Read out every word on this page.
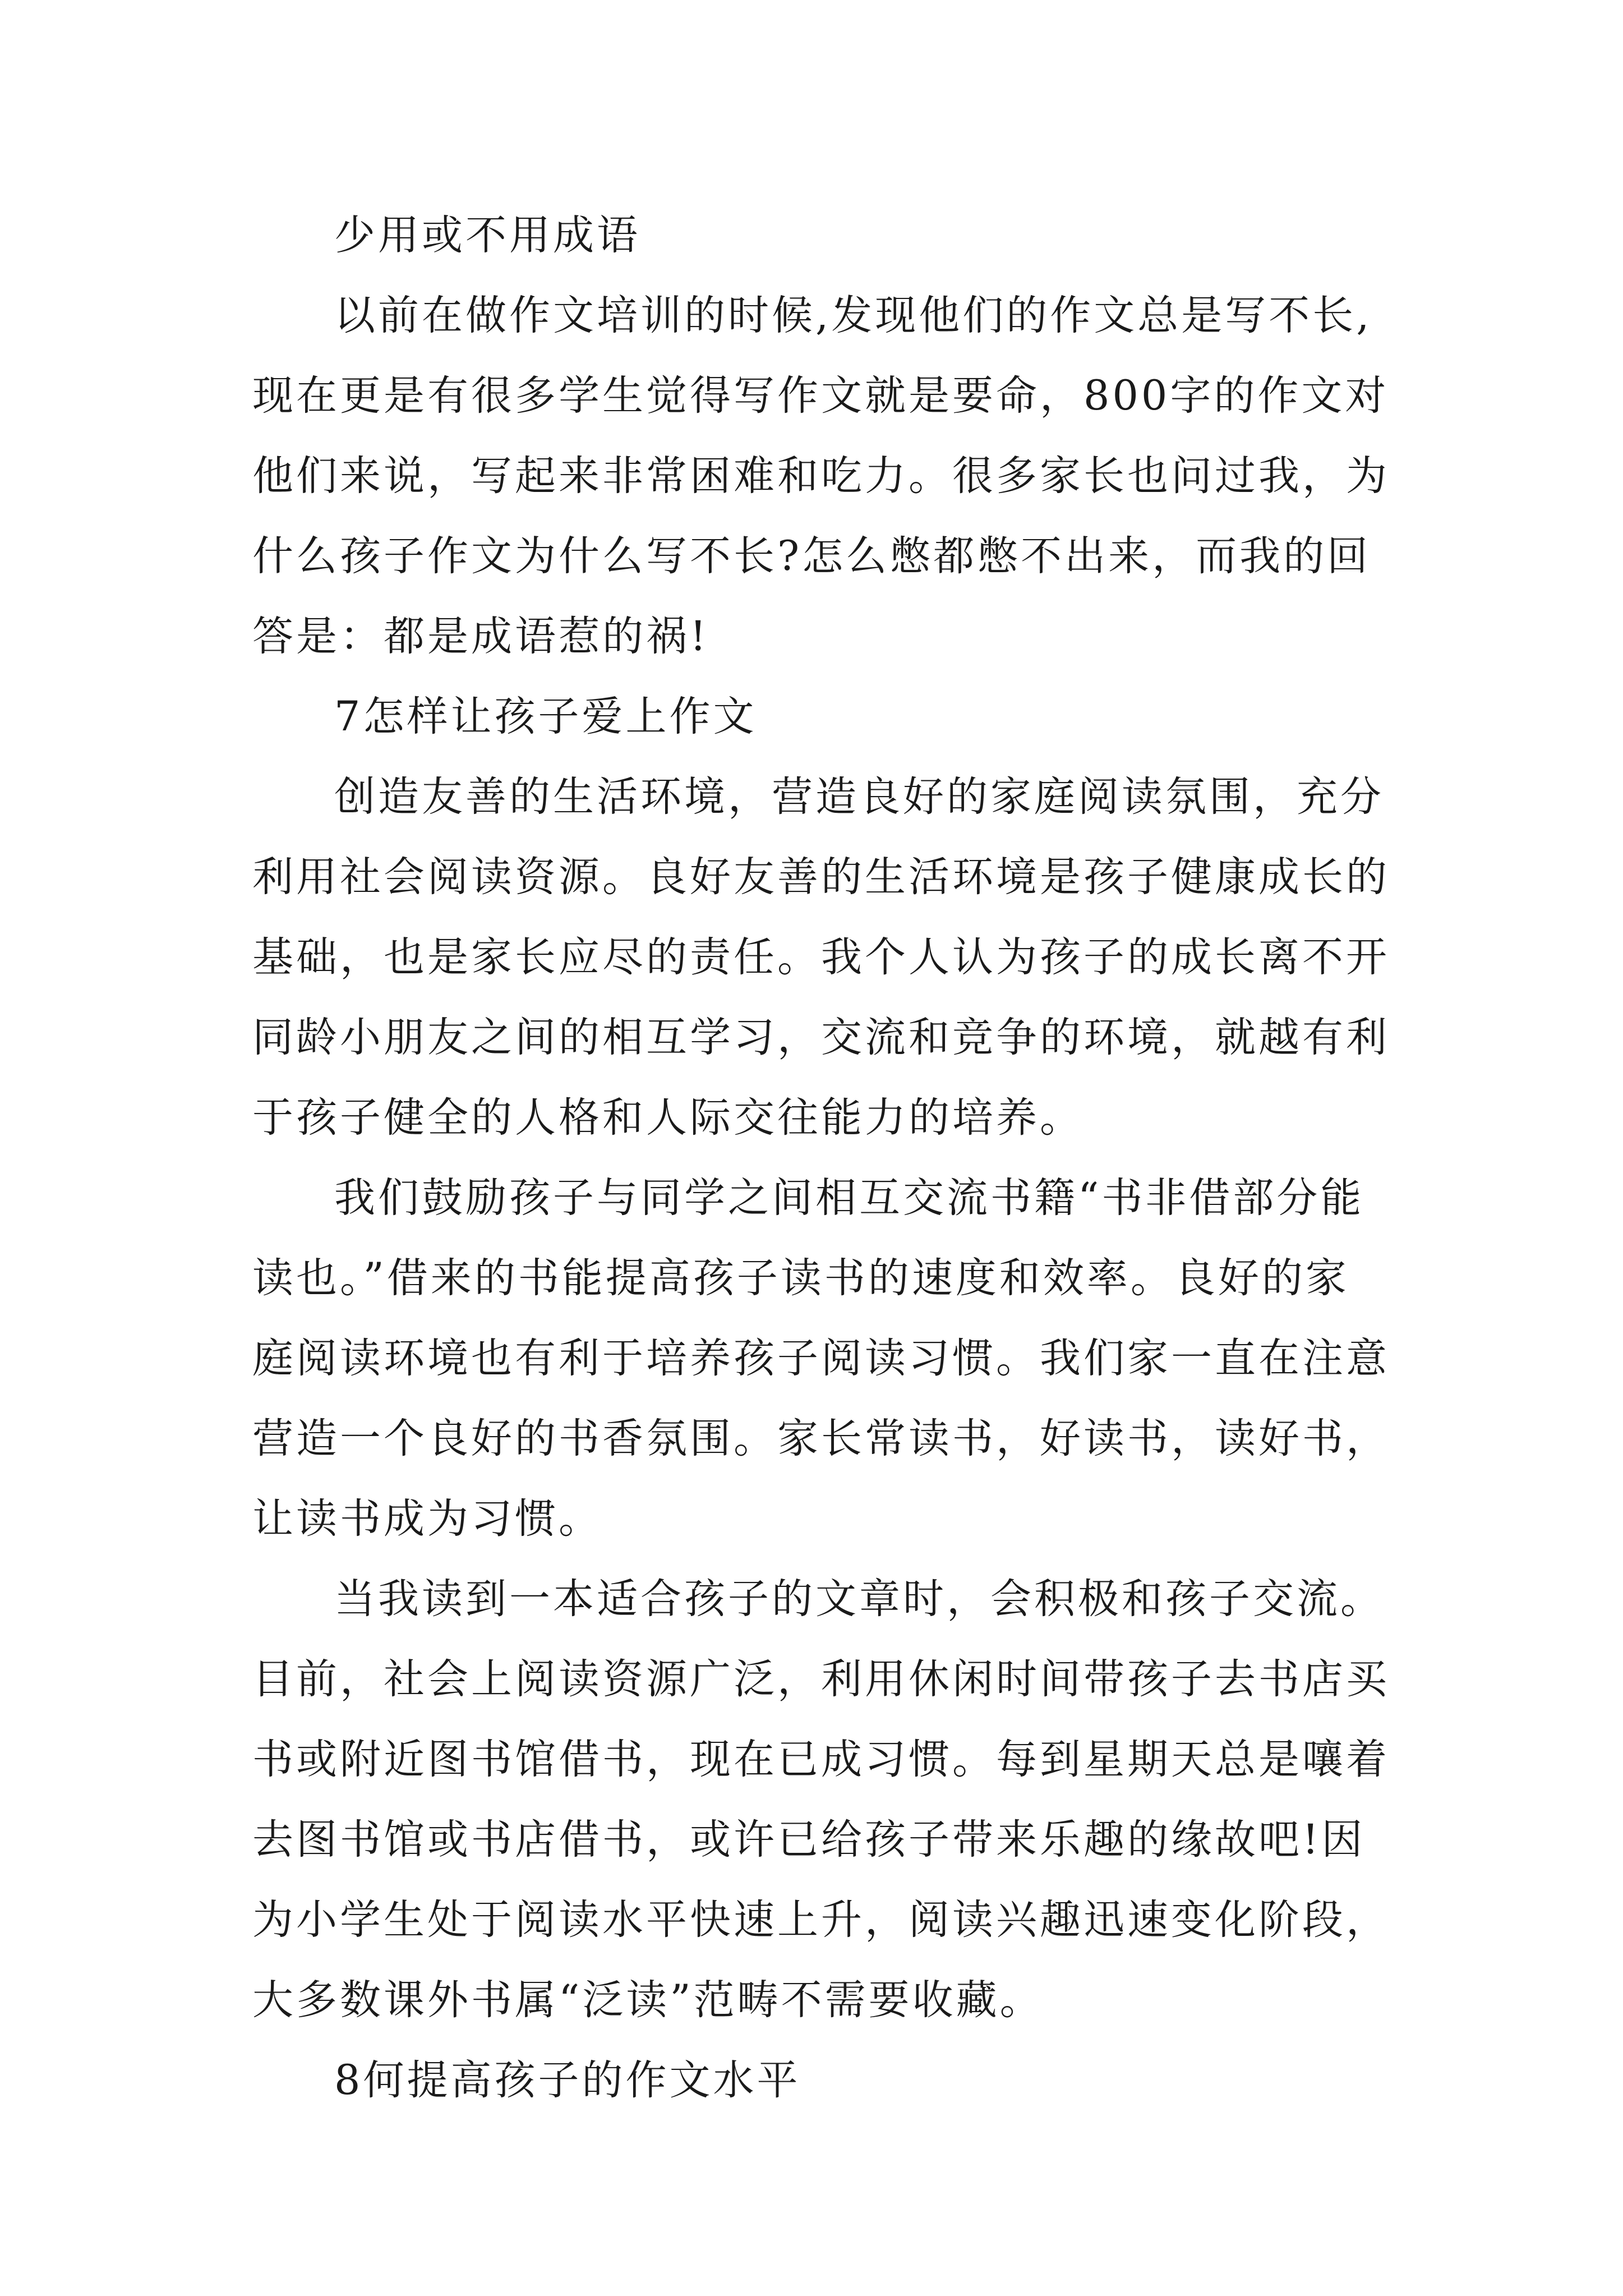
少用或不用成语
以前在做作文培训的时候,发现他们的作文总是写不长,
现在更是有很多学生觉得写作文就是要命，800字的作文对
他们来说，写起来非常困难和吃力。很多家长也问过我，为
什么孩子作文为什么写不长?怎么憋都憋不出来，而我的回
答是：都是成语惹的祸!
7怎样让孩子爱上作文
创造友善的生活环境，营造良好的家庭阅读氛围，充分
利用社会阅读资源。良好友善的生活环境是孩子健康成长的
基础，也是家长应尽的责任。我个人认为孩子的成长离不开
同龄小朋友之间的相互学习，交流和竞争的环境，就越有利
于孩子健全的人格和人际交往能力的培养。
我们鼓励孩子与同学之间相互交流书籍“书非借部分能
读也。”借来的书能提高孩子读书的速度和效率。良好的家
庭阅读环境也有利于培养孩子阅读习惯。我们家一直在注意
营造一个良好的书香氛围。家长常读书，好读书，读好书，
让读书成为习惯。
当我读到一本适合孩子的文章时，会积极和孩子交流。
目前，社会上阅读资源广泛，利用休闲时间带孩子去书店买
书或附近图书馆借书，现在已成习惯。每到星期天总是嚷着
去图书馆或书店借书，或许已给孩子带来乐趣的缘故吧!因
为小学生处于阅读水平快速上升，阅读兴趣迅速变化阶段，
大多数课外书属“泛读”范畴不需要收藏。
8何提高孩子的作文水平
